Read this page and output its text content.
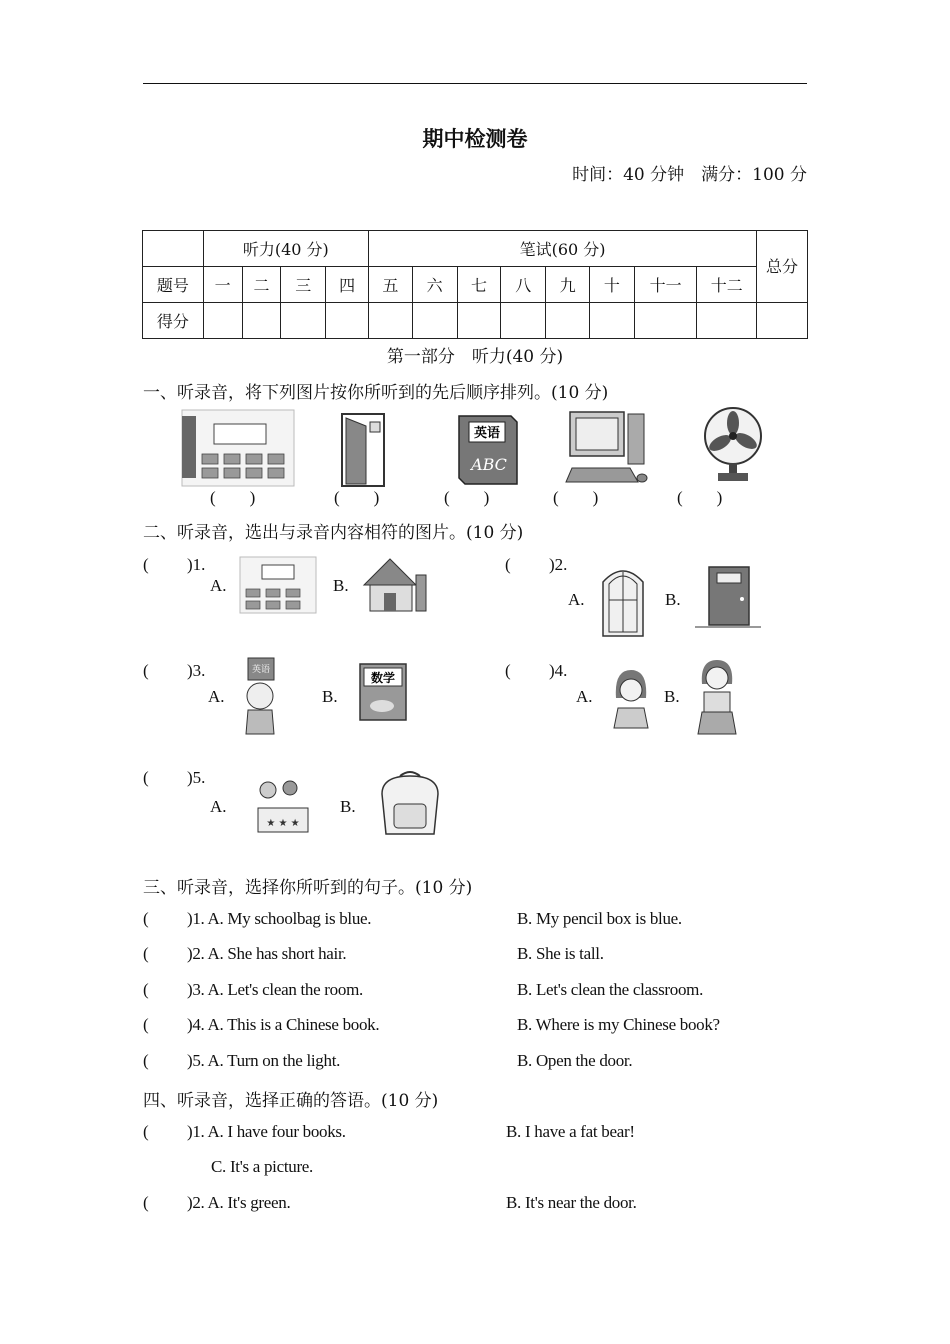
期中检测卷
时间：40 分钟　满分：100 分
	听力(40 分)				笔试(60 分)								总分
题号	一	二	三	四	五	六	七	八	九	十	十一	十二	
得分													
第一部分　听力(40 分)
一、听录音，将下列图片按你所听到的先后顺序排列。(10 分)
英语
ABC
(　　)	(　　)	(　　)	(　　)	(　　)
二、听录音，选出与录音内容相符的图片。(10 分)
( )1.
A.	B.
( )2.
A.	B.
( )3.
A.
英语
B.
数学	( )4.
A.	B.
( )5.
A.
★ ★ ★
B.
三、听录音，选择你所听到的句子。(10 分)
( )1. A. My schoolbag is blue.	B. My pencil box is blue.
( )2. A. She has short hair.	B. She is tall.
( )3. A. Let's clean the room.	B. Let's clean the classroom.
( )4. A. This is a Chinese book.	B. Where is my Chinese book?
( )5. A. Turn on the light.	B. Open the door.
四、听录音，选择正确的答语。(10 分)
( )1. A. I have four books.	B. I have a fat bear!
C. It's a picture.
( )2. A. It's green.	B. It's near the door.
